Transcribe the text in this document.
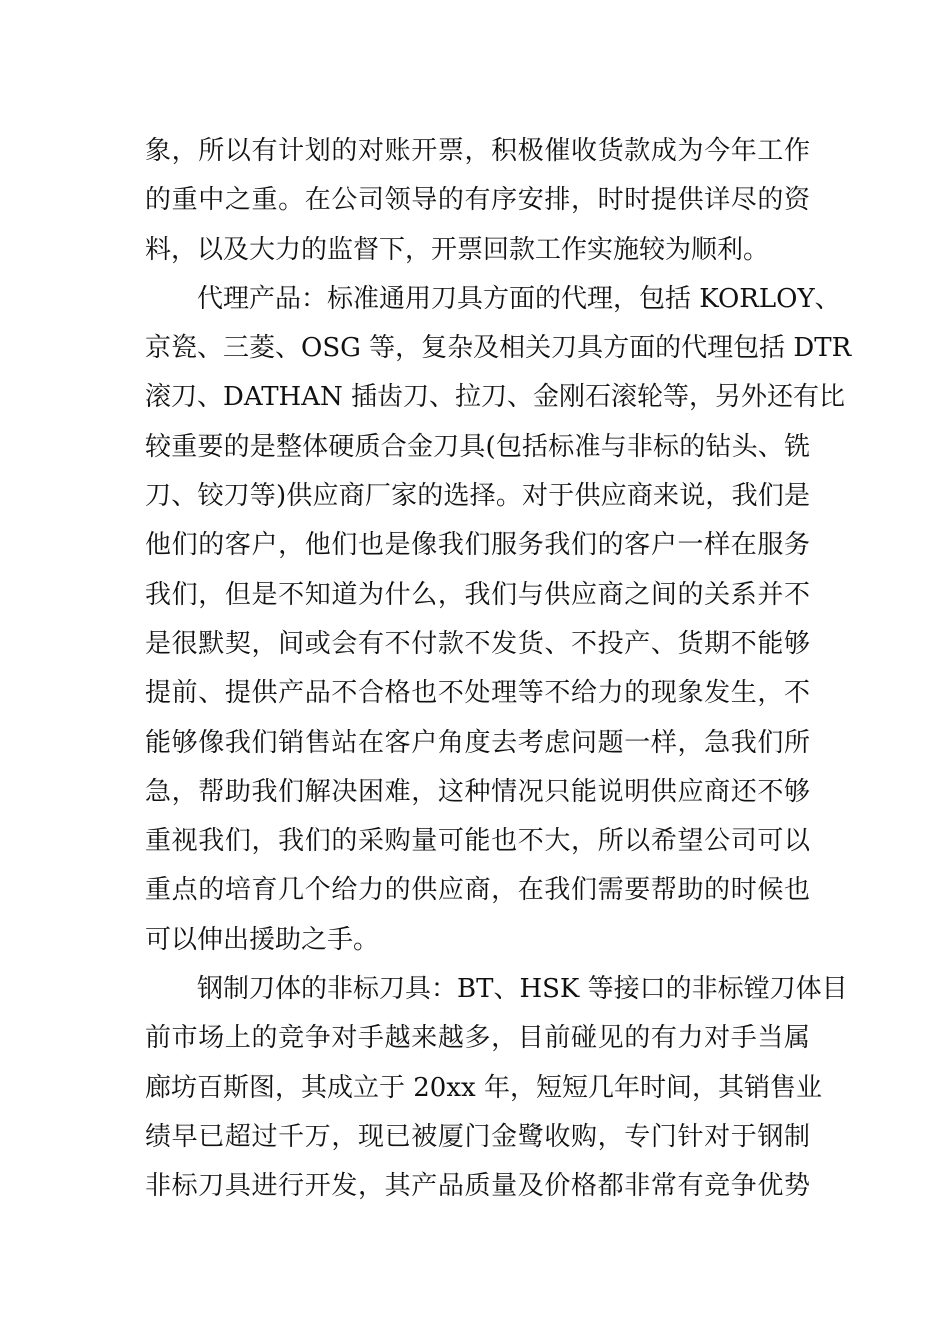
象，所以有计划的对账开票，积极催收货款成为今年工作
的重中之重。在公司领导的有序安排，时时提供详尽的资
料，以及大力的监督下，开票回款工作实施较为顺利。
代理产品：标准通用刀具方面的代理，包括 KORLOY、
京瓷、三菱、OSG 等，复杂及相关刀具方面的代理包括 DTR
滚刀、DATHAN 插齿刀、拉刀、金刚石滚轮等，另外还有比
较重要的是整体硬质合金刀具(包括标准与非标的钻头、铣
刀、铰刀等)供应商厂家的选择。对于供应商来说，我们是
他们的客户，他们也是像我们服务我们的客户一样在服务
我们，但是不知道为什么，我们与供应商之间的关系并不
是很默契，间或会有不付款不发货、不投产、货期不能够
提前、提供产品不合格也不处理等不给力的现象发生，不
能够像我们销售站在客户角度去考虑问题一样，急我们所
急，帮助我们解决困难，这种情况只能说明供应商还不够
重视我们，我们的采购量可能也不大，所以希望公司可以
重点的培育几个给力的供应商，在我们需要帮助的时候也
可以伸出援助之手。
钢制刀体的非标刀具：BT、HSK 等接口的非标镗刀体目
前市场上的竞争对手越来越多，目前碰见的有力对手当属
廊坊百斯图，其成立于 20xx 年，短短几年时间，其销售业
绩早已超过千万，现已被厦门金鹭收购，专门针对于钢制
非标刀具进行开发，其产品质量及价格都非常有竞争优势
